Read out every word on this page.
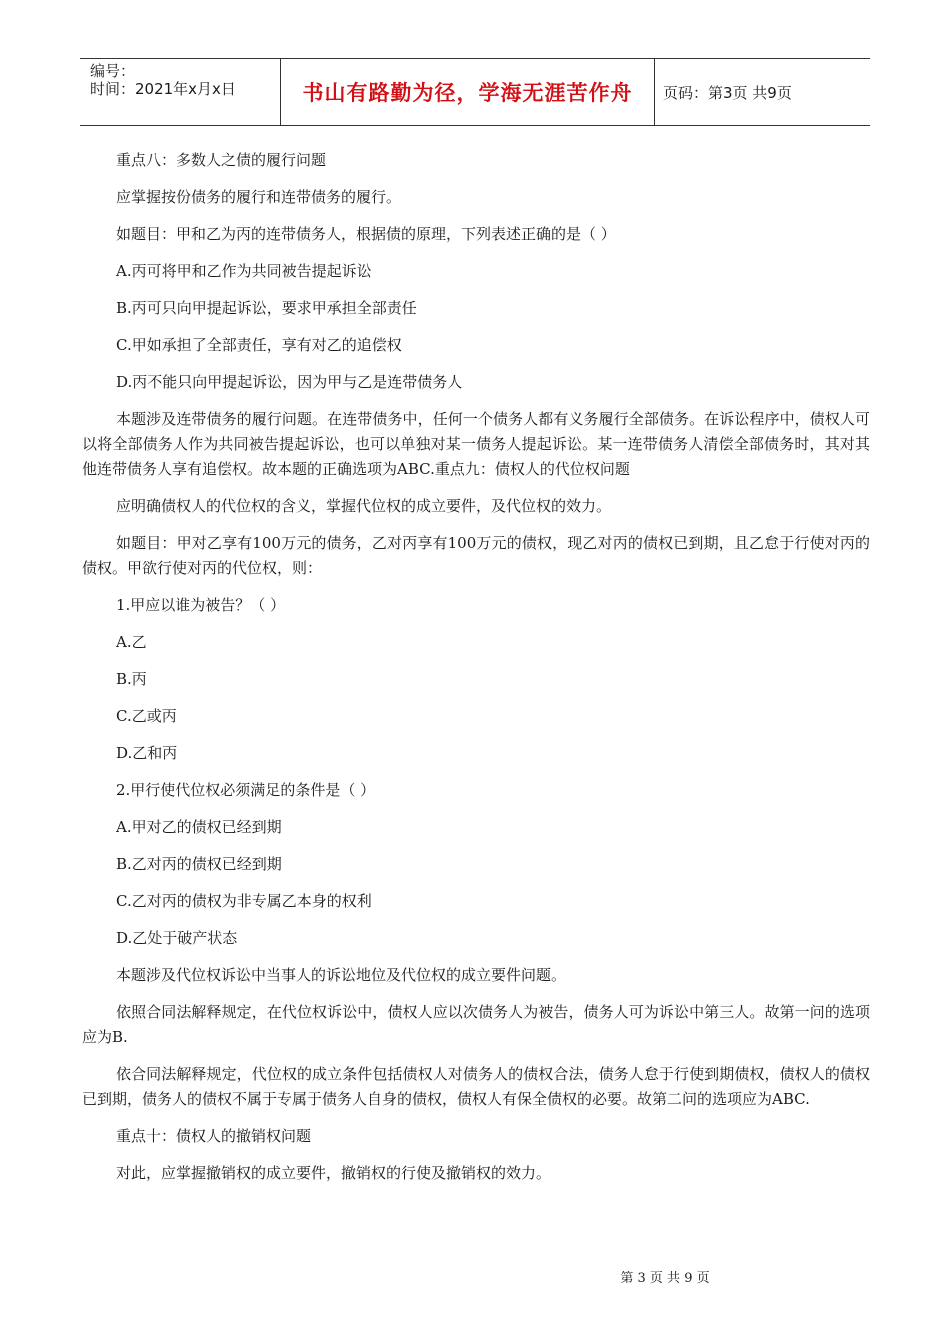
编号：
时间：2021年x月x日	书山有路勤为径，学海无涯苦作舟	页码：第3页 共9页

重点八：多数人之债的履行问题

应掌握按份债务的履行和连带债务的履行。

如题目：甲和乙为丙的连带债务人，根据债的原理，下列表述正确的是（ ）

A.丙可将甲和乙作为共同被告提起诉讼

B.丙可只向甲提起诉讼，要求甲承担全部责任

C.甲如承担了全部责任，享有对乙的追偿权

D.丙不能只向甲提起诉讼，因为甲与乙是连带债务人

本题涉及连带债务的履行问题。在连带债务中，任何一个债务人都有义务履行全部债务。在诉讼程序中，债权人可以将全部债务人作为共同被告提起诉讼，也可以单独对某一债务人提起诉讼。某一连带债务人清偿全部债务时，其对其他连带债务人享有追偿权。故本题的正确选项为ABC.重点九：债权人的代位权问题

应明确债权人的代位权的含义，掌握代位权的成立要件，及代位权的效力。

如题目：甲对乙享有100万元的债务，乙对丙享有100万元的债权，现乙对丙的债权已到期，且乙怠于行使对丙的债权。甲欲行使对丙的代位权，则：

1.甲应以谁为被告？（ ）

A.乙

B.丙

C.乙或丙

D.乙和丙

2.甲行使代位权必须满足的条件是（ ）

A.甲对乙的债权已经到期

B.乙对丙的债权已经到期

C.乙对丙的债权为非专属乙本身的权利

D.乙处于破产状态

本题涉及代位权诉讼中当事人的诉讼地位及代位权的成立要件问题。

依照合同法解释规定，在代位权诉讼中，债权人应以次债务人为被告，债务人可为诉讼中第三人。故第一问的选项应为B.

依合同法解释规定，代位权的成立条件包括债权人对债务人的债权合法，债务人怠于行使到期债权，债权人的债权已到期，债务人的债权不属于专属于债务人自身的债权，债权人有保全债权的必要。故第二问的选项应为ABC.

重点十：债权人的撤销权问题

对此，应掌握撤销权的成立要件，撤销权的行使及撤销权的效力。

第 3 页 共 9 页
